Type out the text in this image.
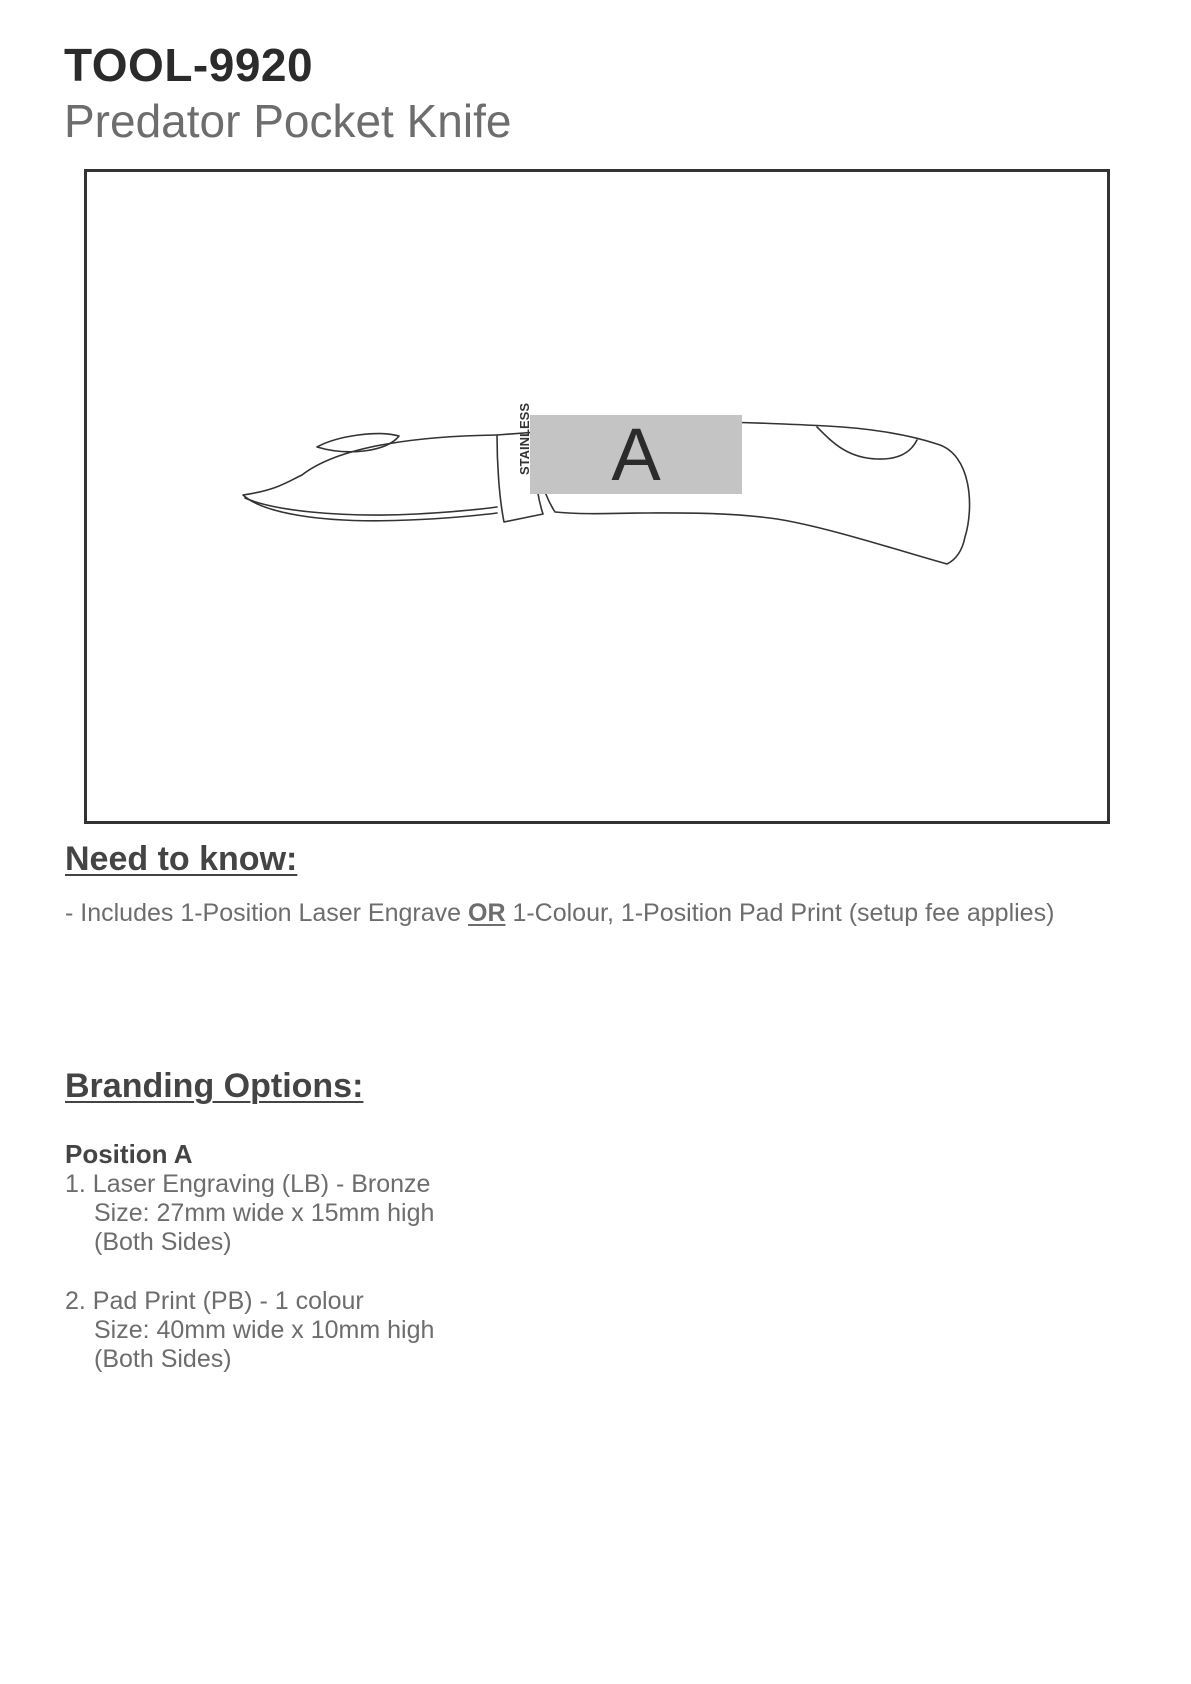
TOOL-9920
Predator Pocket Knife
A
STAINLESS
Need to know:
- Includes 1-Position Laser Engrave OR 1-Colour, 1-Position Pad Print (setup fee applies)
Branding Options:
Position A
1. Laser Engraving (LB) - Bronze
Size: 27mm wide x 15mm high
(Both Sides)
2. Pad Print (PB) - 1 colour
Size: 40mm wide x 10mm high
(Both Sides)
